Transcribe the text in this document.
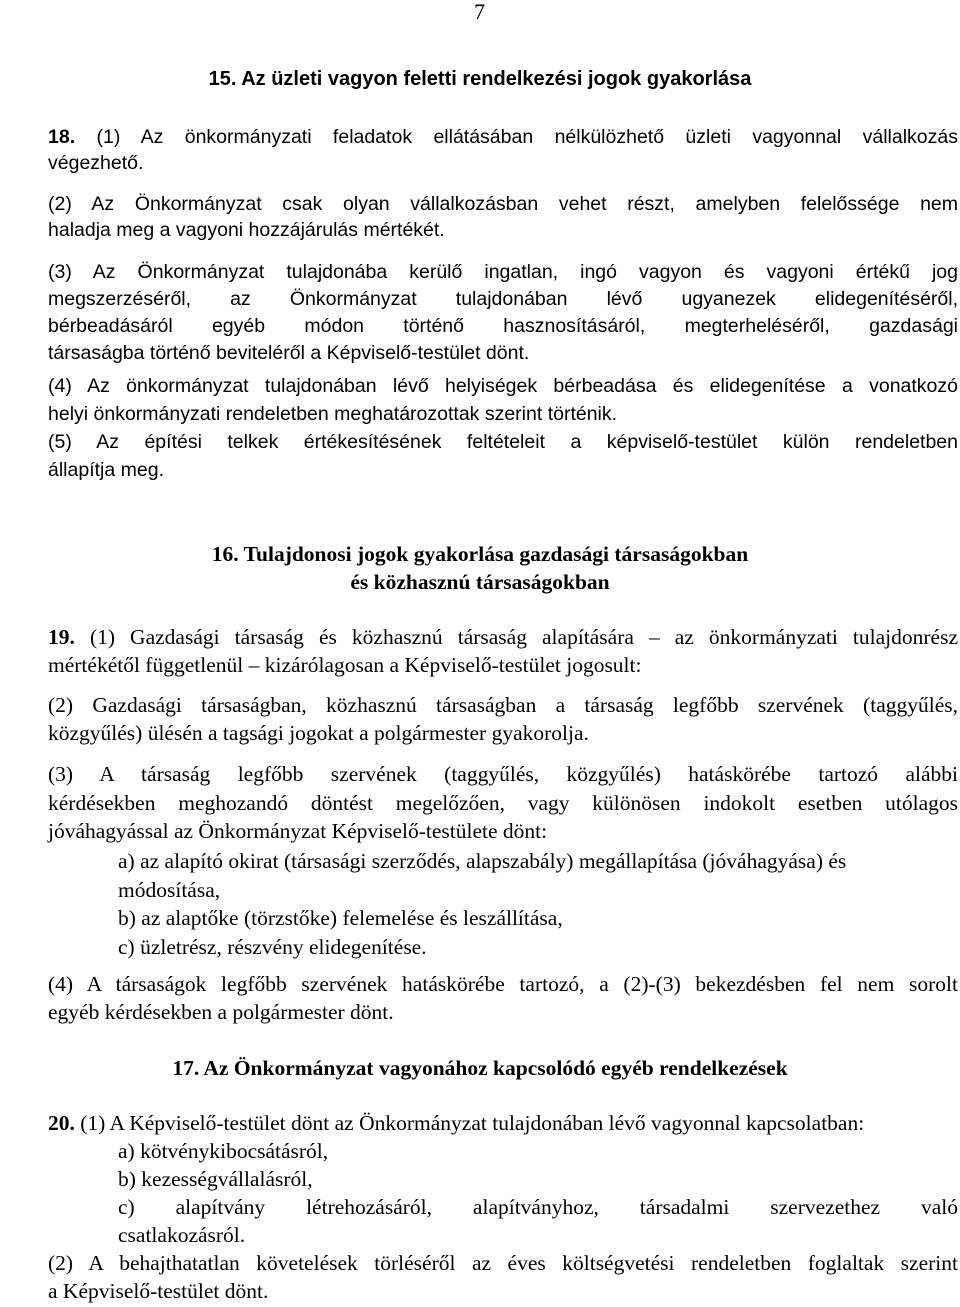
7
15. Az üzleti vagyon feletti rendelkezési jogok gyakorlása
18. (1) Az önkormányzati feladatok ellátásában nélkülözhető üzleti vagyonnal vállalkozás
végezhető.
(2) Az Önkormányzat csak olyan vállalkozásban vehet részt, amelyben felelőssége nem
haladja meg a vagyoni hozzájárulás mértékét.
(3) Az Önkormányzat tulajdonába kerülő ingatlan, ingó vagyon és vagyoni értékű jog
megszerzéséről, az Önkormányzat tulajdonában lévő ugyanezek elidegenítéséről,
bérbeadásáról egyéb módon történő hasznosításáról, megterheléséről, gazdasági
társaságba történő beviteléről a Képviselő-testület dönt.
(4) Az önkormányzat tulajdonában lévő helyiségek bérbeadása és elidegenítése a vonatkozó
helyi önkormányzati rendeletben meghatározottak szerint történik.
(5) Az építési telkek értékesítésének feltételeit a képviselő-testület külön rendeletben
állapítja meg.
16. Tulajdonosi jogok gyakorlása gazdasági társaságokban
és közhasznú társaságokban
19. (1) Gazdasági társaság és közhasznú társaság alapítására – az önkormányzati tulajdonrész
mértékétől függetlenül – kizárólagosan a Képviselő-testület jogosult:
(2) Gazdasági társaságban, közhasznú társaságban a társaság legfőbb szervének (taggyűlés,
közgyűlés) ülésén a tagsági jogokat a polgármester gyakorolja.
(3) A társaság legfőbb szervének (taggyűlés, közgyűlés) hatáskörébe tartozó alábbi
kérdésekben meghozandó döntést megelőzően, vagy különösen indokolt esetben utólagos
jóváhagyással az Önkormányzat Képviselő-testülete dönt:
a) az alapító okirat (társasági szerződés, alapszabály) megállapítása (jóváhagyása) és
módosítása,
b) az alaptőke (törzstőke) felemelése és leszállítása,
c) üzletrész, részvény elidegenítése.
(4) A társaságok legfőbb szervének hatáskörébe tartozó, a (2)-(3) bekezdésben fel nem sorolt
egyéb kérdésekben a polgármester dönt.
17. Az Önkormányzat vagyonához kapcsolódó egyéb rendelkezések
20. (1) A Képviselő-testület dönt az Önkormányzat tulajdonában lévő vagyonnal kapcsolatban:
a) kötvénykibocsátásról,
b) kezességvállalásról,
c) alapítvány létrehozásáról, alapítványhoz, társadalmi szervezethez való
csatlakozásról.
(2) A behajthatatlan követelések törléséről az éves költségvetési rendeletben foglaltak szerint
a Képviselő-testület dönt.
